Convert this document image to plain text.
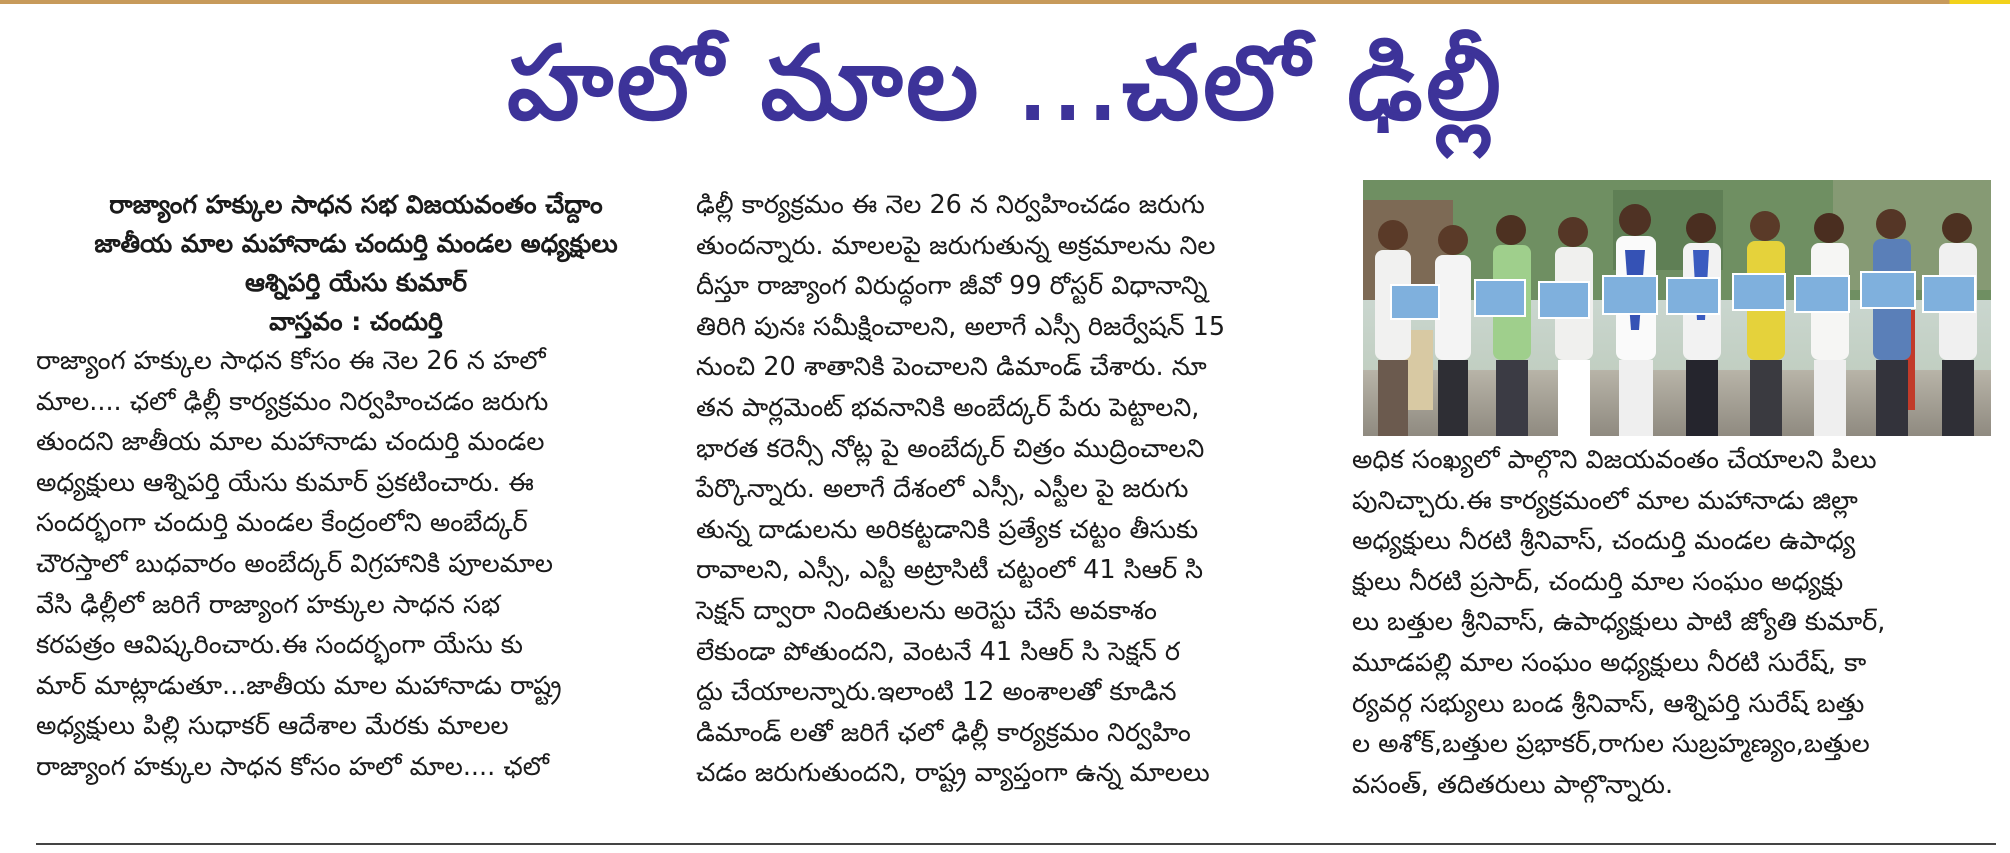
హలో మాల ...చలో ఢిల్లీ

రాజ్యాంగ హక్కుల సాధన సభ విజయవంతం చేద్దాం

జాతీయ మాల మహానాడు చందుర్తి మండల అధ్యక్షులు

ఆశ్నిపర్తి యేసు కుమార్

వాస్తవం : చందుర్తి

రాజ్యాంగ హక్కుల సాధన కోసం ఈ నెల 26 న హలో

మాల.... ఛలో ఢిల్లీ కార్యక్రమం నిర్వహించడం జరుగు

తుందని జాతీయ మాల మహానాడు చందుర్తి మండల

అధ్యక్షులు ఆశ్నిపర్తి యేసు కుమార్ ప్రకటించారు. ఈ

సందర్భంగా చందుర్తి మండల కేంద్రంలోని అంబేద్కర్

చౌరస్తాలో బుధవారం అంబేద్కర్ విగ్రహానికి పూలమాల

వేసి ఢిల్లీలో జరిగే రాజ్యాంగ హక్కుల సాధన సభ

కరపత్రం ఆవిష్కరించారు.ఈ సందర్భంగా యేసు కు

మార్ మాట్లాడుతూ...జాతీయ మాల మహానాడు రాష్ట్ర

అధ్యక్షులు పిల్లి సుధాకర్ ఆదేశాల మేరకు మాలల

రాజ్యాంగ హక్కుల సాధన కోసం హలో మాల.... ఛలో

ఢిల్లీ కార్యక్రమం ఈ నెల 26 న నిర్వహించడం జరుగు

తుందన్నారు. మాలలపై జరుగుతున్న అక్రమాలను నిల

దీస్తూ రాజ్యాంగ విరుద్ధంగా జీవో 99 రోస్టర్ విధానాన్ని

తిరిగి పునః సమీక్షించాలని, అలాగే ఎస్సీ రిజర్వేషన్ 15

నుంచి 20 శాతానికి పెంచాలని డిమాండ్ చేశారు. నూ

తన పార్లమెంట్ భవనానికి అంబేద్కర్ పేరు పెట్టాలని,

భారత కరెన్సీ నోట్ల పై అంబేద్కర్ చిత్రం ముద్రించాలని

పేర్కొన్నారు. అలాగే దేశంలో ఎస్సీ, ఎస్టీల పై జరుగు

తున్న దాడులను అరికట్టడానికి ప్రత్యేక చట్టం తీసుకు

రావాలని, ఎస్సీ, ఎస్టీ అట్రాసిటీ చట్టంలో 41 సిఆర్ సి

సెక్షన్ ద్వారా నిందితులను అరెస్టు చేసే అవకాశం

లేకుండా పోతుందని, వెంటనే 41 సిఆర్ సి సెక్షన్ ర

ద్దు చేయాలన్నారు.ఇలాంటి 12 అంశాలతో కూడిన

డిమాండ్ లతో జరిగే ఛలో ఢిల్లీ కార్యక్రమం నిర్వహిం

చడం జరుగుతుందని, రాష్ట్ర వ్యాప్తంగా ఉన్న మాలలు

అధిక సంఖ్యలో పాల్గొని విజయవంతం చేయాలని పిలు

పునిచ్చారు.ఈ కార్యక్రమంలో మాల మహానాడు జిల్లా

అధ్యక్షులు నీరటి శ్రీనివాస్, చందుర్తి మండల ఉపాధ్య

క్షులు నీరటి ప్రసాద్, చందుర్తి మాల సంఘం అధ్యక్షు

లు బత్తుల శ్రీనివాస్, ఉపాధ్యక్షులు పాటి జ్యోతి కుమార్,

మూడపల్లి మాల సంఘం అధ్యక్షులు నీరటి సురేష్, కా

ర్యవర్గ సభ్యులు బండ శ్రీనివాస్, ఆశ్నిపర్తి సురేష్ బత్తు

ల అశోక్,బత్తుల ప్రభాకర్,రాగుల సుబ్రహ్మణ్యం,బత్తుల

వసంత్, తదితరులు పాల్గొన్నారు.
